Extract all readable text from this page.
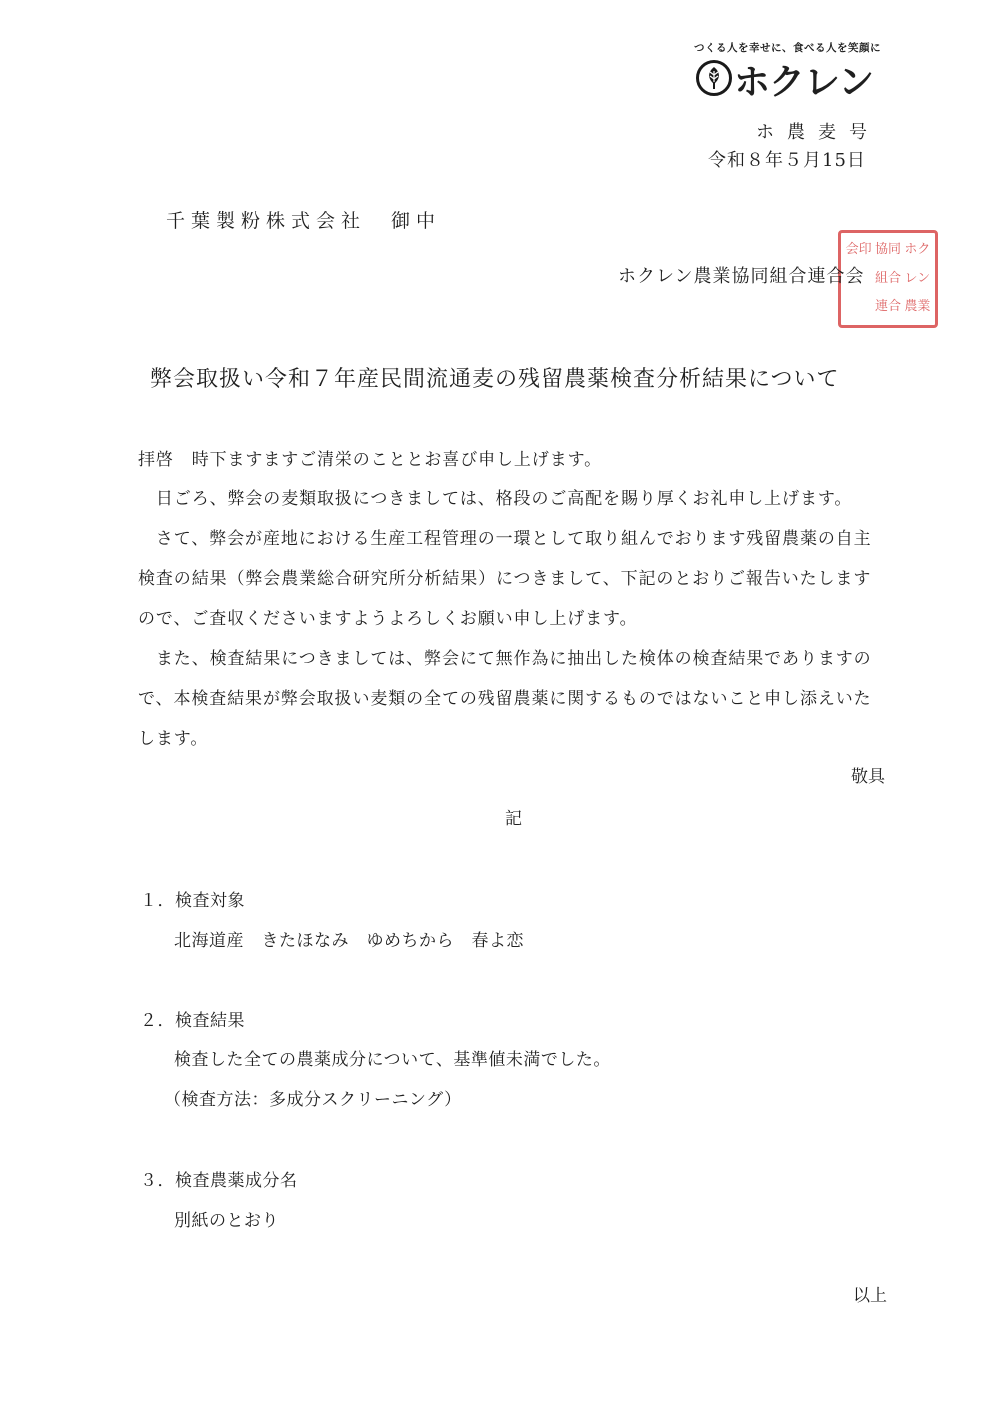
つくる人を幸せに、食べる人を笑顔に
ホクレン
ホ農麦号
令和８年５月15日
千葉製粉株式会社　御中
会印 協同 ホク
組合 レン
連合 農業
ホクレン農業協同組合連合会
弊会取扱い令和７年産民間流通麦の残留農薬検査分析結果について
拝啓　時下ますますご清栄のこととお喜び申し上げます。
　日ごろ、弊会の麦類取扱につきましては、格段のご高配を賜り厚くお礼申し上げます。
　さて、弊会が産地における生産工程管理の一環として取り組んでおります残留農薬の自主
検査の結果（弊会農業総合研究所分析結果）につきまして、下記のとおりご報告いたします
ので、ご査収くださいますようよろしくお願い申し上げます。
　また、検査結果につきましては、弊会にて無作為に抽出した検体の検査結果でありますの
で、本検査結果が弊会取扱い麦類の全ての残留農薬に関するものではないこと申し添えいた
します。
敬具
記
１．検査対象
北海道産　きたほなみ　ゆめちから　春よ恋
２．検査結果
検査した全ての農薬成分について、基準値未満でした。
（検査方法：多成分スクリーニング）
３．検査農薬成分名
別紙のとおり
以上
